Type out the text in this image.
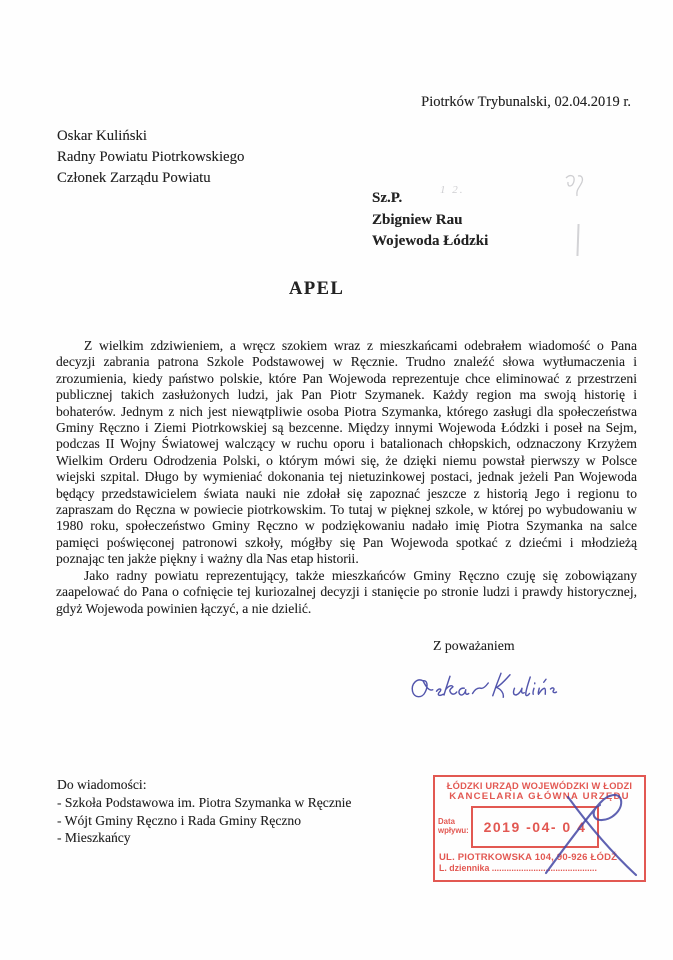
Piotrków Trybunalski, 02.04.2019 r.
Oskar Kuliński
Radny Powiatu Piotrkowskiego
Członek Zarządu Powiatu
1 2.
Sz.P.
Zbigniew Rau
Wojewoda Łódzki
APEL

Z wielkim zdziwieniem, a wręcz szokiem wraz z mieszkańcami odebrałem wiadomość o Pana decyzji zabrania patrona Szkole Podstawowej w Ręcznie. Trudno znaleźć słowa wytłumaczenia i zrozumienia, kiedy państwo polskie, które Pan Wojewoda reprezentuje chce eliminować z przestrzeni publicznej takich zasłużonych ludzi, jak Pan Piotr Szymanek. Każdy region ma swoją historię i bohaterów. Jednym z nich jest niewątpliwie osoba Piotra Szymanka, którego zasługi dla społeczeństwa Gminy Ręczno i Ziemi Piotrkowskiej są bezcenne. Między innymi Wojewoda Łódzki i poseł na Sejm, podczas II Wojny Światowej walczący w ruchu oporu i batalionach chłopskich, odznaczony Krzyżem Wielkim Orderu Odrodzenia Polski, o którym mówi się, że dzięki niemu powstał pierwszy w Polsce wiejski szpital. Długo by wymieniać dokonania tej nietuzinkowej postaci, jednak jeżeli Pan Wojewoda będący przedstawicielem świata nauki nie zdołał się zapoznać jeszcze z historią Jego i regionu to zapraszam do Ręczna w powiecie piotrkowskim. To tutaj w pięknej szkole, w której po wybudowaniu w 1980 roku, społeczeństwo Gminy Ręczno w podziękowaniu nadało imię Piotra Szymanka na salce pamięci poświęconej patronowi szkoły, mógłby się Pan Wojewoda spotkać z dziećmi i młodzieżą poznając ten jakże piękny i ważny dla Nas etap historii.

Jako radny powiatu reprezentujący, także mieszkańców Gminy Ręczno czuję się zobowiązany zaapelować do Pana o cofnięcie tej kuriozalnej decyzji i stanięcie po stronie ludzi i prawdy historycznej, gdyż Wojewoda powinien łączyć, a nie dzielić.

Z poważaniem
Do wiadomości:
- Szkoła Podstawowa im. Piotra Szymanka w Ręcznie
- Wójt Gminy Ręczno i Rada Gminy Ręczno
- Mieszkańcy
ŁÓDZKI URZĄD WOJEWÓDZKI W ŁODZI
KANCELARIA GŁÓWNA URZĘDU
Data wpływu:	2019 -04- 0 4
UL. PIOTRKOWSKA 104, 90-926 ŁÓDŹ
L. dziennika ...........................................
